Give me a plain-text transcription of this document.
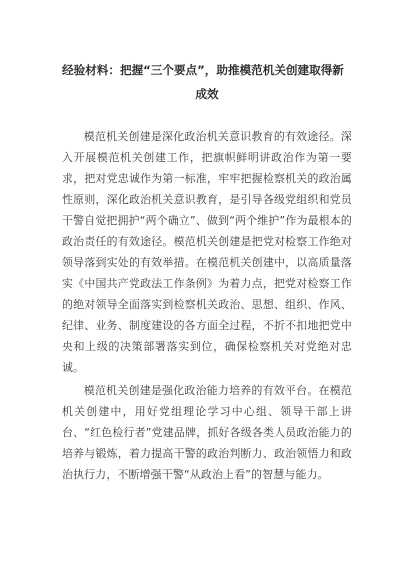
经验材料：把握“三个要点”，助推模范机关创建取得新
成效

模范机关创建是深化政治机关意识教育的有效途径。深入开展模范机关创建工作，把旗帜鲜明讲政治作为第一要求，把对党忠诚作为第一标准，牢牢把握检察机关的政治属性原则，深化政治机关意识教育，是引导各级党组织和党员干警自觉把拥护“两个确立”、做到“两个维护”作为最根本的政治责任的有效途径。模范机关创建是把党对检察工作绝对领导落到实处的有效举措。在模范机关创建中，以高质量落实《中国共产党政法工作条例》为着力点，把党对检察工作的绝对领导全面落实到检察机关政治、思想、组织、作风、纪律、业务、制度建设的各方面全过程，不折不扣地把党中央和上级的决策部署落实到位，确保检察机关对党绝对忠诚。

模范机关创建是强化政治能力培养的有效平台。在模范机关创建中，用好党组理论学习中心组、领导干部上讲台、“红色检行者”党建品牌，抓好各级各类人员政治能力的培养与锻炼，着力提高干警的政治判断力、政治领悟力和政治执行力，不断增强干警“从政治上看”的智慧与能力。
